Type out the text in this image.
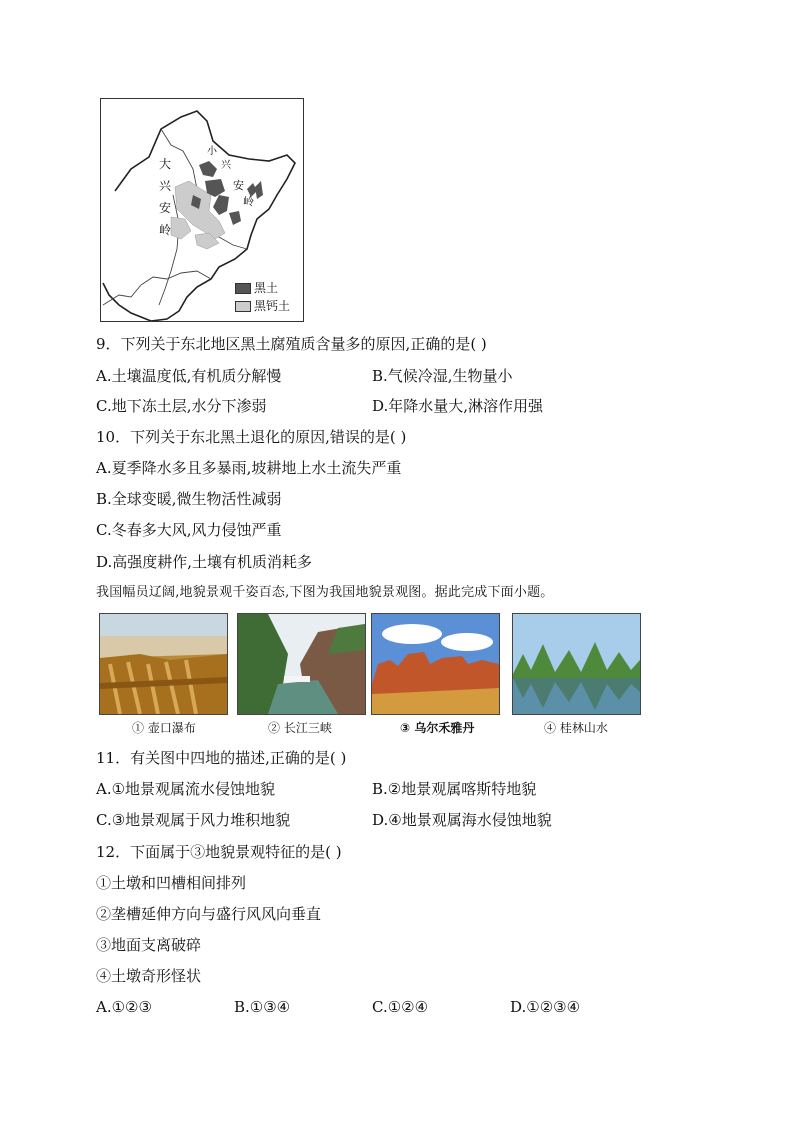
大
兴
安
岭
小
兴
安
岭
黑土
黑钙土
9．下列关于东北地区黑土腐殖质含量多的原因,正确的是( )
A.土壤温度低,有机质分解慢	B.气候冷湿,生物量小
C.地下冻土层,水分下渗弱	D.年降水量大,淋溶作用强
10．下列关于东北黑土退化的原因,错误的是( )
A.夏季降水多且多暴雨,坡耕地上水土流失严重
B.全球变暖,微生物活性减弱
C.冬春多大风,风力侵蚀严重
D.高强度耕作,土壤有机质消耗多
我国幅员辽阔,地貌景观千姿百态,下图为我国地貌景观图。据此完成下面小题。
① 壶口瀑布	② 长江三峡	③ 乌尔禾雅丹	④ 桂林山水
11．有关图中四地的描述,正确的是( )
A.①地景观属流水侵蚀地貌	B.②地景观属喀斯特地貌
C.③地景观属于风力堆积地貌	D.④地景观属海水侵蚀地貌
12．下面属于③地貌景观特征的是( )
①土墩和凹槽相间排列
②垄槽延伸方向与盛行风风向垂直
③地面支离破碎
④土墩奇形怪状
A.①②③	B.①③④	C.①②④	D.①②③④
